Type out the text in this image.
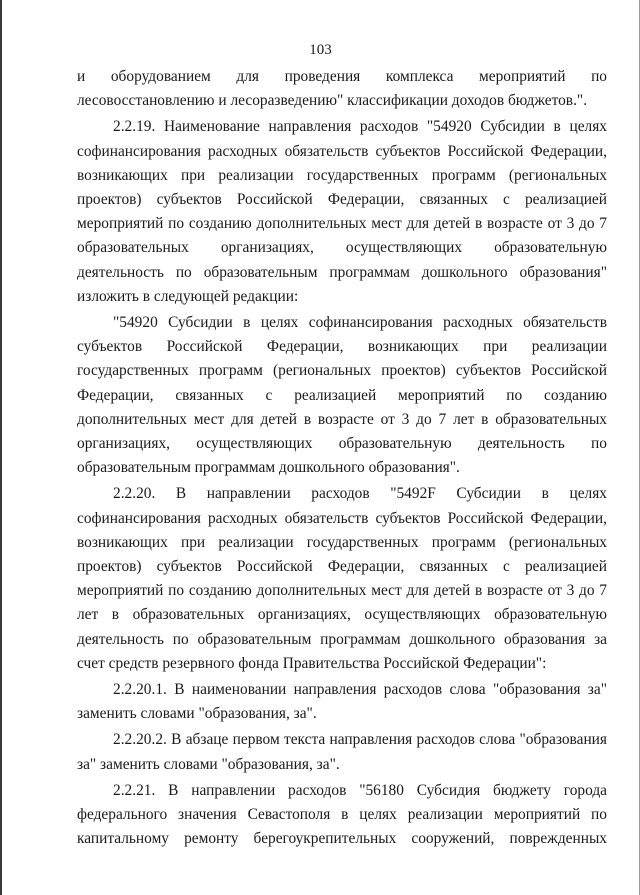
103

и оборудованием для проведения комплекса мероприятий по лесовосстановлению и лесоразведению" классификации доходов бюджетов.".

2.2.19. Наименование направления расходов "54920 Субсидии в целях софинансирования расходных обязательств субъектов Российской Федерации, возникающих при реализации государственных программ (региональных проектов) субъектов Российской Федерации, связанных с реализацией мероприятий по созданию дополнительных мест для детей в возрасте от 3 до 7 образовательных организациях, осуществляющих образовательную деятельность по образовательным программам дошкольного образования" изложить в следующей редакции:

"54920 Субсидии в целях софинансирования расходных обязательств субъектов Российской Федерации, возникающих при реализации государственных программ (региональных проектов) субъектов Российской Федерации, связанных с реализацией мероприятий по созданию дополнительных мест для детей в возрасте от 3 до 7 лет в образовательных организациях, осуществляющих образовательную деятельность по образовательным программам дошкольного образования".

2.2.20. В направлении расходов "5492F Субсидии в целях софинансирования расходных обязательств субъектов Российской Федерации, возникающих при реализации государственных программ (региональных проектов) субъектов Российской Федерации, связанных с реализацией мероприятий по созданию дополнительных мест для детей в возрасте от 3 до 7 лет в образовательных организациях, осуществляющих образовательную деятельность по образовательным программам дошкольного образования за счет средств резервного фонда Правительства Российской Федерации":

2.2.20.1. В наименовании направления расходов слова "образования за" заменить словами "образования, за".

2.2.20.2. В абзаце первом текста направления расходов слова "образования за" заменить словами "образования, за".

2.2.21. В направлении расходов "56180 Субсидия бюджету города федерального значения Севастополя в целях реализации мероприятий по капитальному ремонту берегоукрепительных сооружений, поврежденных
